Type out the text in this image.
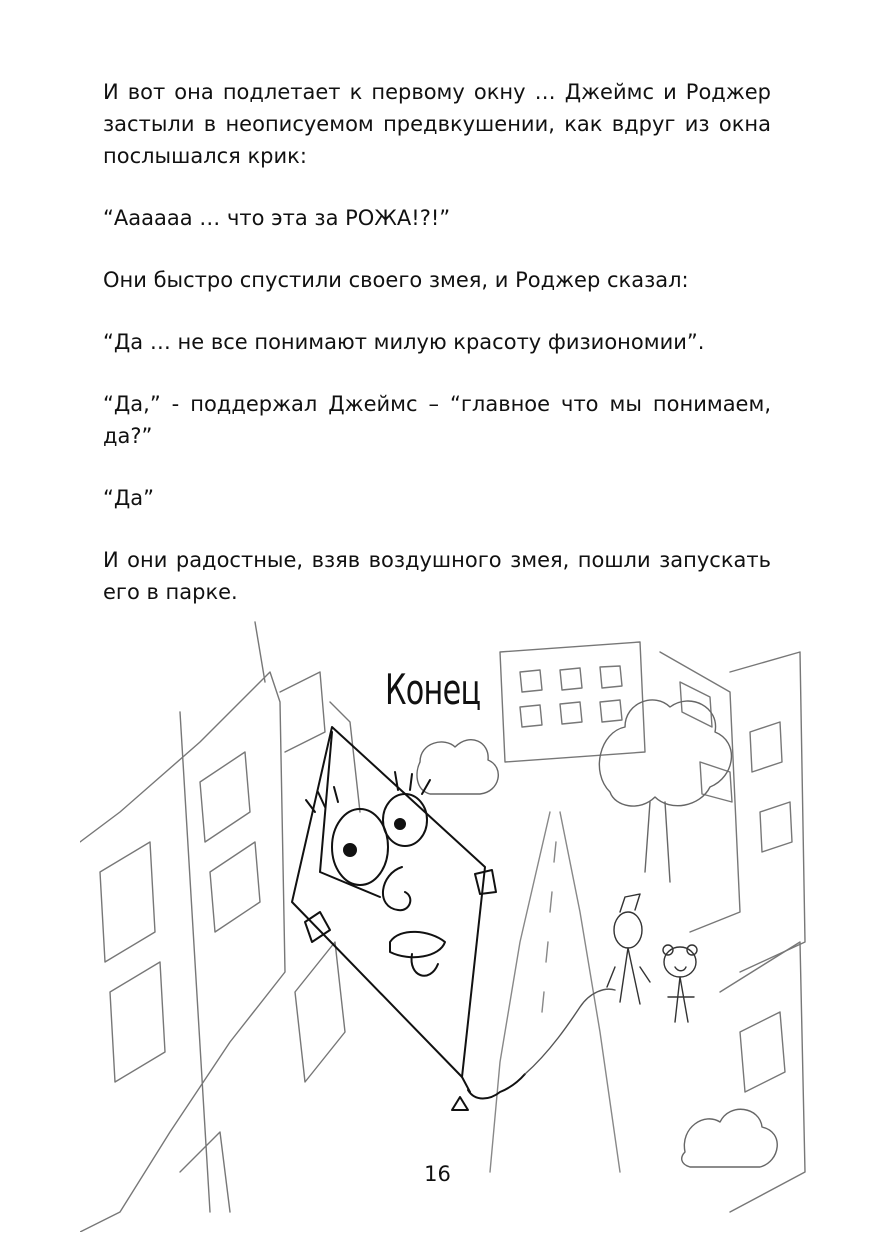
И вот она подлетает к первому окну … Джеймс и Роджер застыли в неописуемом предвкушении, как вдруг из окна послышался крик:

“Аааааа … что эта за РОЖА!?!”

Они быстро спустили своего змея, и Роджер сказал:

“Да … не все понимают милую красоту физиономии”.

“Да,” - поддержал Джеймс – “главное что мы понимаем, да?”

“Да”

И они радостные, взяв воздушного змея, пошли запускать его в парке.

Конец
16
